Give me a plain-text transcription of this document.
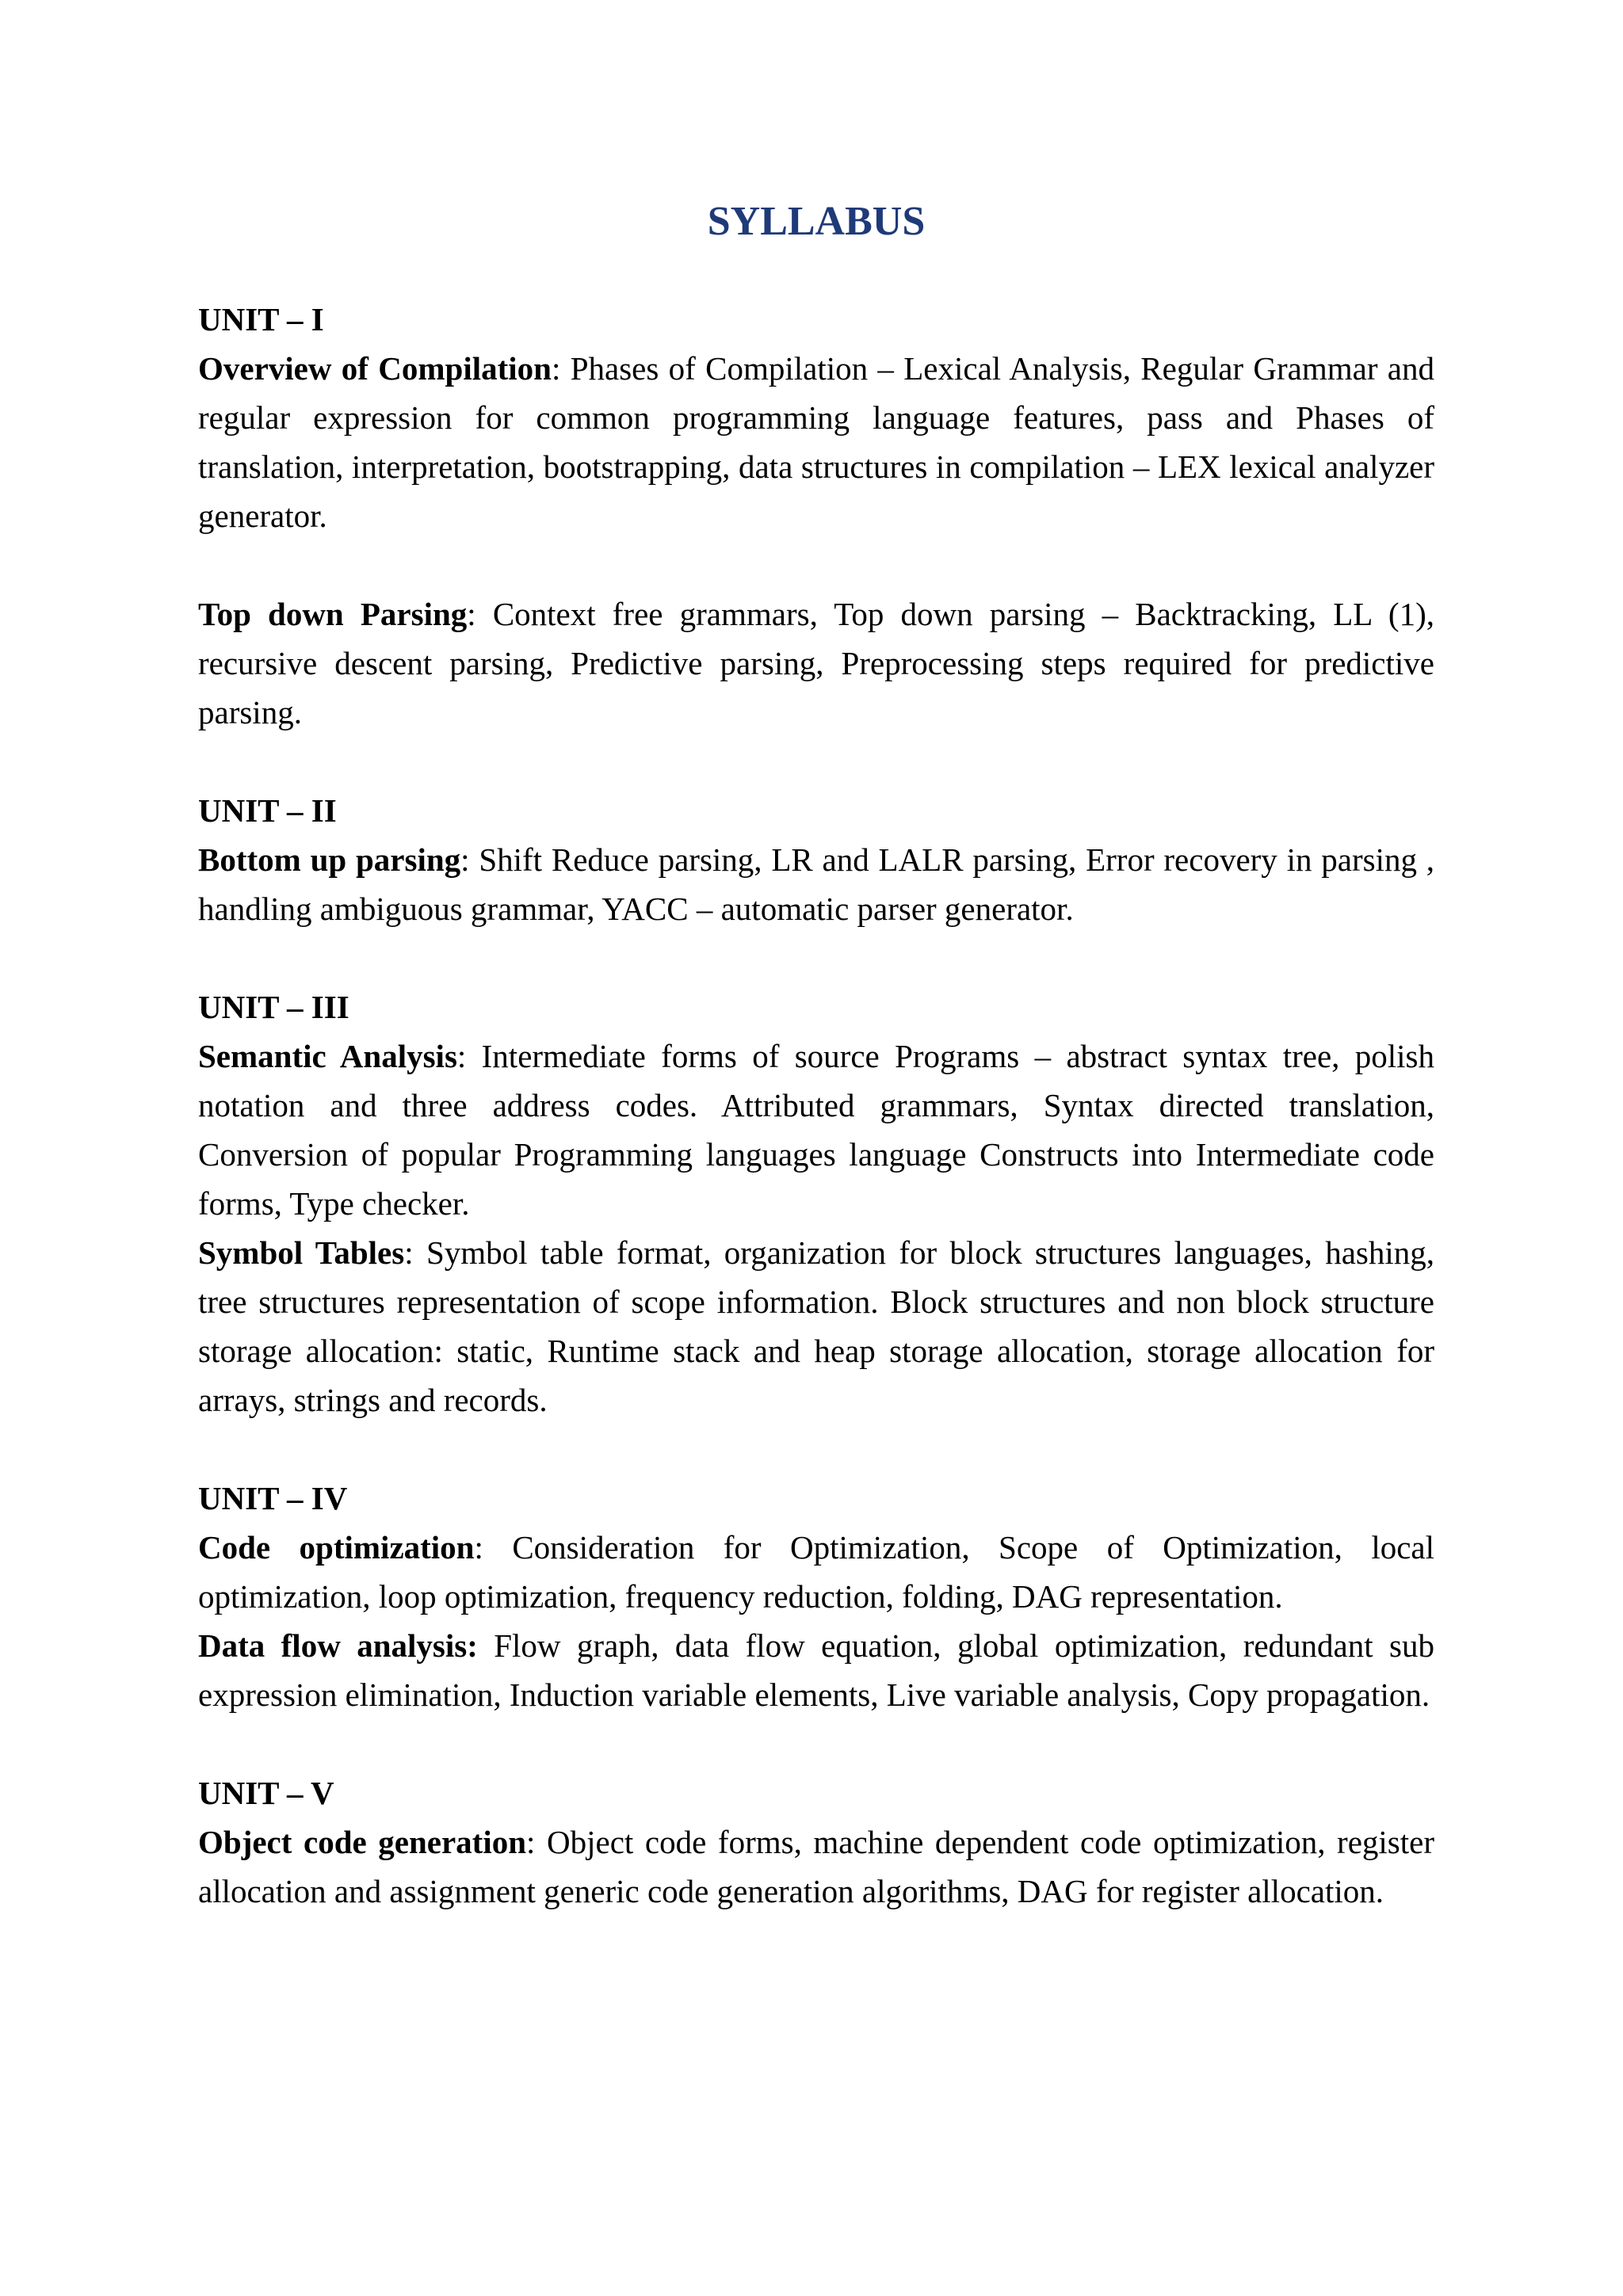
SYLLABUS

UNIT – I

Overview of Compilation: Phases of Compilation – Lexical Analysis, Regular Grammar and regular expression for common programming language features, pass and Phases of translation, interpretation, bootstrapping, data structures in compilation – LEX lexical analyzer generator.

Top down Parsing: Context free grammars, Top down parsing – Backtracking, LL (1), recursive descent parsing, Predictive parsing, Preprocessing steps required for predictive parsing.

UNIT – II

Bottom up parsing: Shift Reduce parsing, LR and LALR parsing, Error recovery in parsing , handling ambiguous grammar, YACC – automatic parser generator.

UNIT – III

Semantic Analysis: Intermediate forms of source Programs – abstract syntax tree, polish notation and three address codes. Attributed grammars, Syntax directed translation, Conversion of popular Programming languages language Constructs into Intermediate code forms, Type checker.

Symbol Tables: Symbol table format, organization for block structures languages, hashing, tree structures representation of scope information. Block structures and non block structure storage allocation: static, Runtime stack and heap storage allocation, storage allocation for arrays, strings and records.

UNIT – IV

Code optimization: Consideration for Optimization, Scope of Optimization, local optimization, loop optimization, frequency reduction, folding, DAG representation.

Data flow analysis: Flow graph, data flow equation, global optimization, redundant sub expression elimination, Induction variable elements, Live variable analysis, Copy propagation.

UNIT – V

Object code generation: Object code forms, machine dependent code optimization, register allocation and assignment generic code generation algorithms, DAG for register allocation.
